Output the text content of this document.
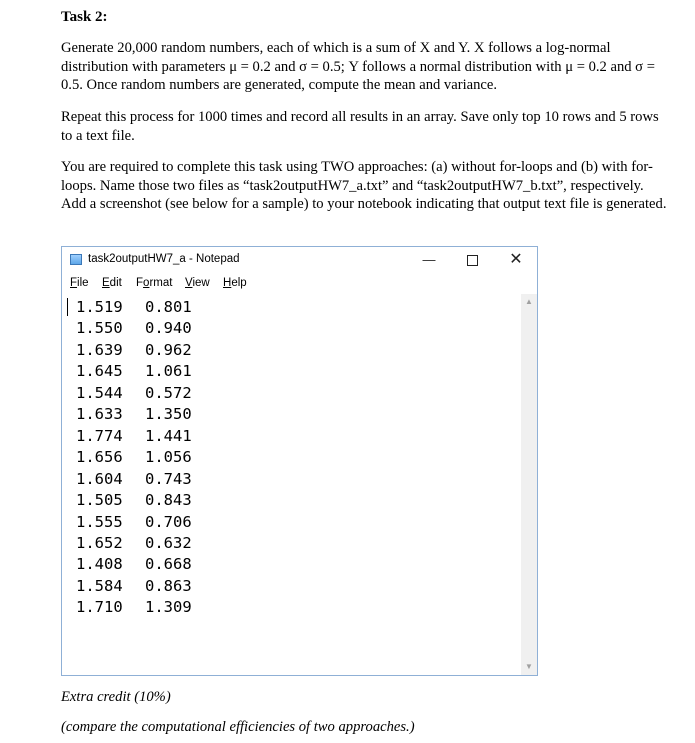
Task 2:

Generate 20,000 random numbers, each of which is a sum of X and Y. X follows a log-normal distribution with parameters μ = 0.2 and σ = 0.5; Y follows a normal distribution with μ = 0.2 and σ = 0.5. Once random numbers are generated, compute the mean and variance.

Repeat this process for 1000 times and record all results in an array. Save only top 10 rows and 5 rows to a text file.

You are required to complete this task using TWO approaches: (a) without for-loops and (b) with for-loops. Name those two files as “task2outputHW7_a.txt” and “task2outputHW7_b.txt”, respectively. Add a screenshot (see below for a sample) to your notebook indicating that output text file is generated.

task2outputHW7_a - Notepad	—	✕
File Edit Format View Help
1.519 0.801
1.550 0.940
1.639 0.962
1.645 1.061
1.544 0.572
1.633 1.350
1.774 1.441
1.656 1.056
1.604 0.743
1.505 0.843
1.555 0.706
1.652 0.632
1.408 0.668
1.584 0.863
1.710 1.309
▲
▼

Extra credit (10%)

(compare the computational efficiencies of two approaches.)
